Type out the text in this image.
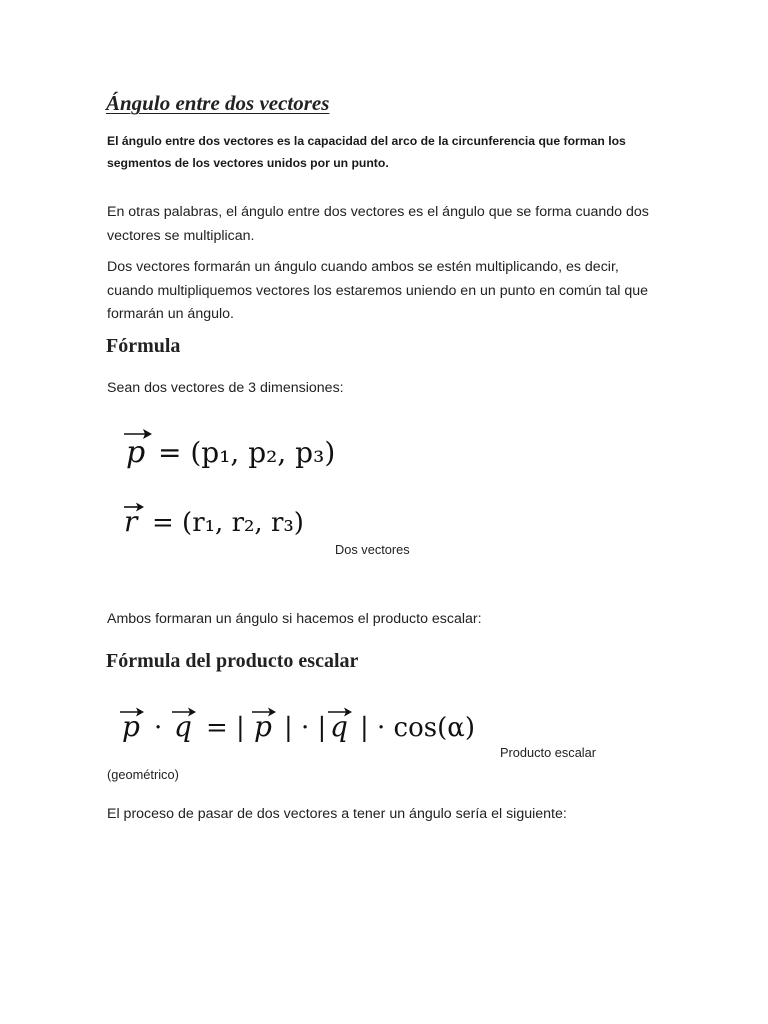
Ángulo entre dos vectores

El ángulo entre dos vectores es la capacidad del arco de la circunferencia que forman los segmentos de los vectores unidos por un punto.

En otras palabras, el ángulo entre dos vectores es el ángulo que se forma cuando dos vectores se multiplican.

Dos vectores formarán un ángulo cuando ambos se estén multiplicando, es decir, cuando multipliquemos vectores los estaremos uniendo en un punto en común tal que formarán un ángulo.

Fórmula

Sean dos vectores de 3 dimensiones:

p = (p₁, p₂, p₃)
r = (r₁, r₂, r₃)

Dos vectores

Ambos formaran un ángulo si hacemos el producto escalar:

Fórmula del producto escalar
p · q = | p | · | q | · cos(α)

Producto escalar

(geométrico)

El proceso de pasar de dos vectores a tener un ángulo sería el siguiente:
